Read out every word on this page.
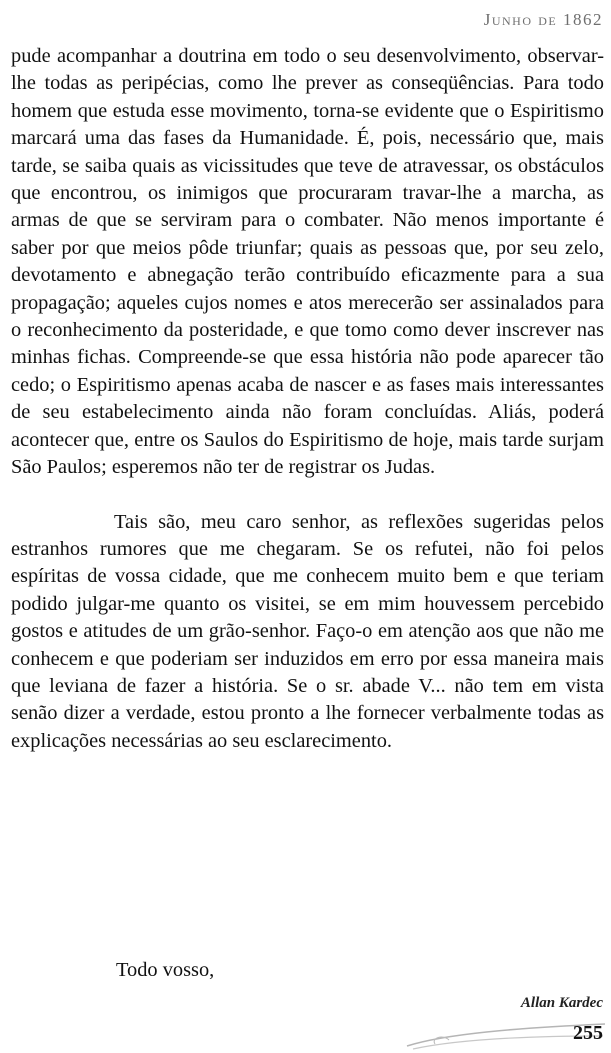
Junho de 1862

pude acompanhar a doutrina em todo o seu desenvolvimento, observar-lhe todas as peripécias, como lhe prever as conseqüências. Para todo homem que estuda esse movimento, torna-se evidente que o Espiritismo marcará uma das fases da Humanidade. É, pois, necessário que, mais tarde, se saiba quais as vicissitudes que teve de atravessar, os obstáculos que encontrou, os inimigos que procuraram travar-lhe a marcha, as armas de que se serviram para o combater. Não menos importante é saber por que meios pôde triunfar; quais as pessoas que, por seu zelo, devotamento e abnegação terão contribuído eficazmente para a sua propagação; aqueles cujos nomes e atos merecerão ser assinalados para o reconhecimento da posteridade, e que tomo como dever inscrever nas minhas fichas. Compreende-se que essa história não pode aparecer tão cedo; o Espiritismo apenas acaba de nascer e as fases mais interessantes de seu estabelecimento ainda não foram concluídas. Aliás, poderá acontecer que, entre os Saulos do Espiritismo de hoje, mais tarde surjam São Paulos; esperemos não ter de registrar os Judas.

Tais são, meu caro senhor, as reflexões sugeridas pelos estranhos rumores que me chegaram. Se os refutei, não foi pelos espíritas de vossa cidade, que me conhecem muito bem e que teriam podido julgar-me quanto os visitei, se em mim houvessem percebido gostos e atitudes de um grão-senhor. Faço-o em atenção aos que não me conhecem e que poderiam ser induzidos em erro por essa maneira mais que leviana de fazer a história. Se o sr. abade V... não tem em vista senão dizer a verdade, estou pronto a lhe fornecer verbalmente todas as explicações necessárias ao seu esclarecimento.

Todo vosso,
Allan Kardec
255
